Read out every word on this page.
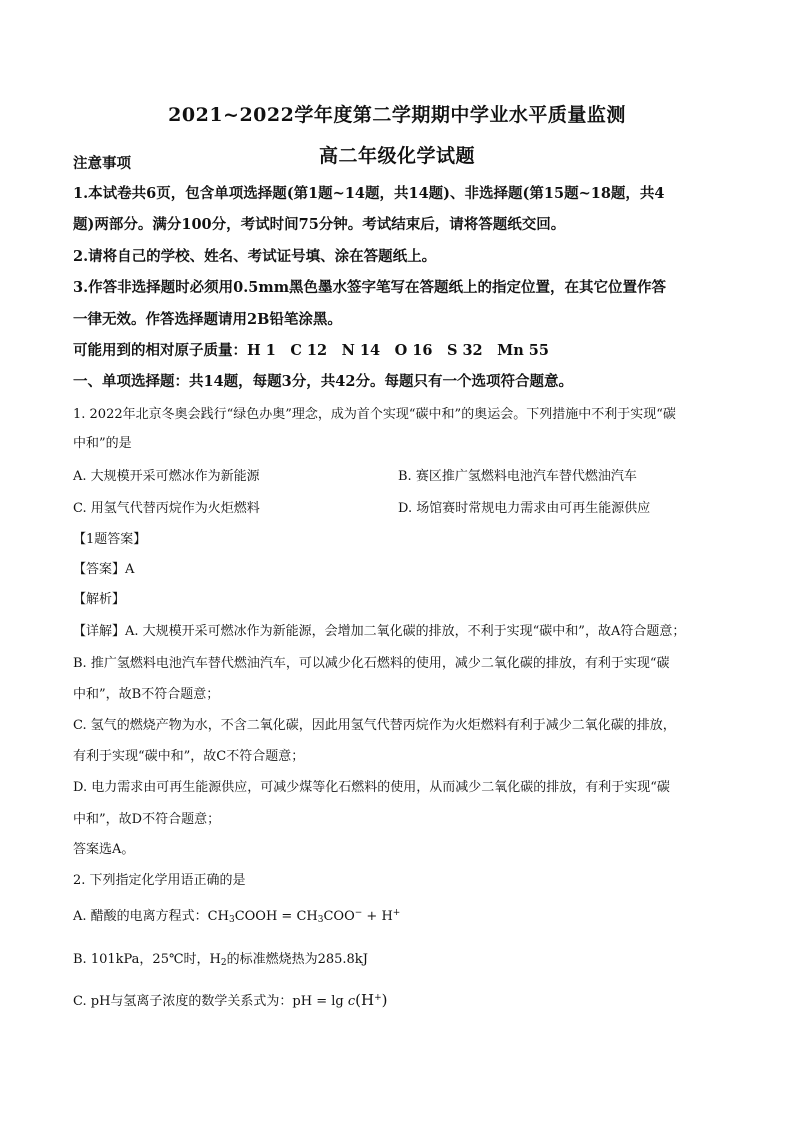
2021~2022学年度第二学期期中学业水平质量监测
高二年级化学试题
注意事项
1.本试卷共6页，包含单项选择题(第1题~14题，共14题)、非选择题(第15题~18题，共4
题)两部分。满分100分，考试时间75分钟。考试结束后，请将答题纸交回。
2.请将自己的学校、姓名、考试证号填、涂在答题纸上。
3.作答非选择题时必须用0.5mm黑色墨水签字笔写在答题纸上的指定位置，在其它位置作答
一律无效。作答选择题请用2B铅笔涂黑。
可能用到的相对原子质量：H 1　C 12　N 14　O 16　S 32　Mn 55
一、单项选择题：共14题，每题3分，共42分。每题只有一个选项符合题意。
1. 2022年北京冬奥会践行“绿色办奥”理念，成为首个实现“碳中和”的奥运会。下列措施中不利于实现“碳
中和”的是
A. 大规模开采可燃冰作为新能源	B. 赛区推广氢燃料电池汽车替代燃油汽车
C. 用氢气代替丙烷作为火炬燃料	D. 场馆赛时常规电力需求由可再生能源供应
【1题答案】
【答案】A
【解析】
【详解】A. 大规模开采可燃冰作为新能源，会增加二氧化碳的排放，不利于实现“碳中和”，故A符合题意；
B. 推广氢燃料电池汽车替代燃油汽车，可以减少化石燃料的使用，减少二氧化碳的排放，有利于实现“碳
中和”，故B不符合题意；
C. 氢气的燃烧产物为水，不含二氧化碳，因此用氢气代替丙烷作为火炬燃料有利于减少二氧化碳的排放，
有利于实现“碳中和”，故C不符合题意；
D. 电力需求由可再生能源供应，可减少煤等化石燃料的使用，从而减少二氧化碳的排放，有利于实现“碳
中和”，故D不符合题意；
答案选A。
2. 下列指定化学用语正确的是
A. 醋酸的电离方程式：$CH_3COOH = CH_3COO^- + H^+$
B. 101kPa，25℃时，$H_2$的标准燃烧热为285.8kJ
C. pH与氢离子浓度的数学关系式为：pH = lg c(H+)
